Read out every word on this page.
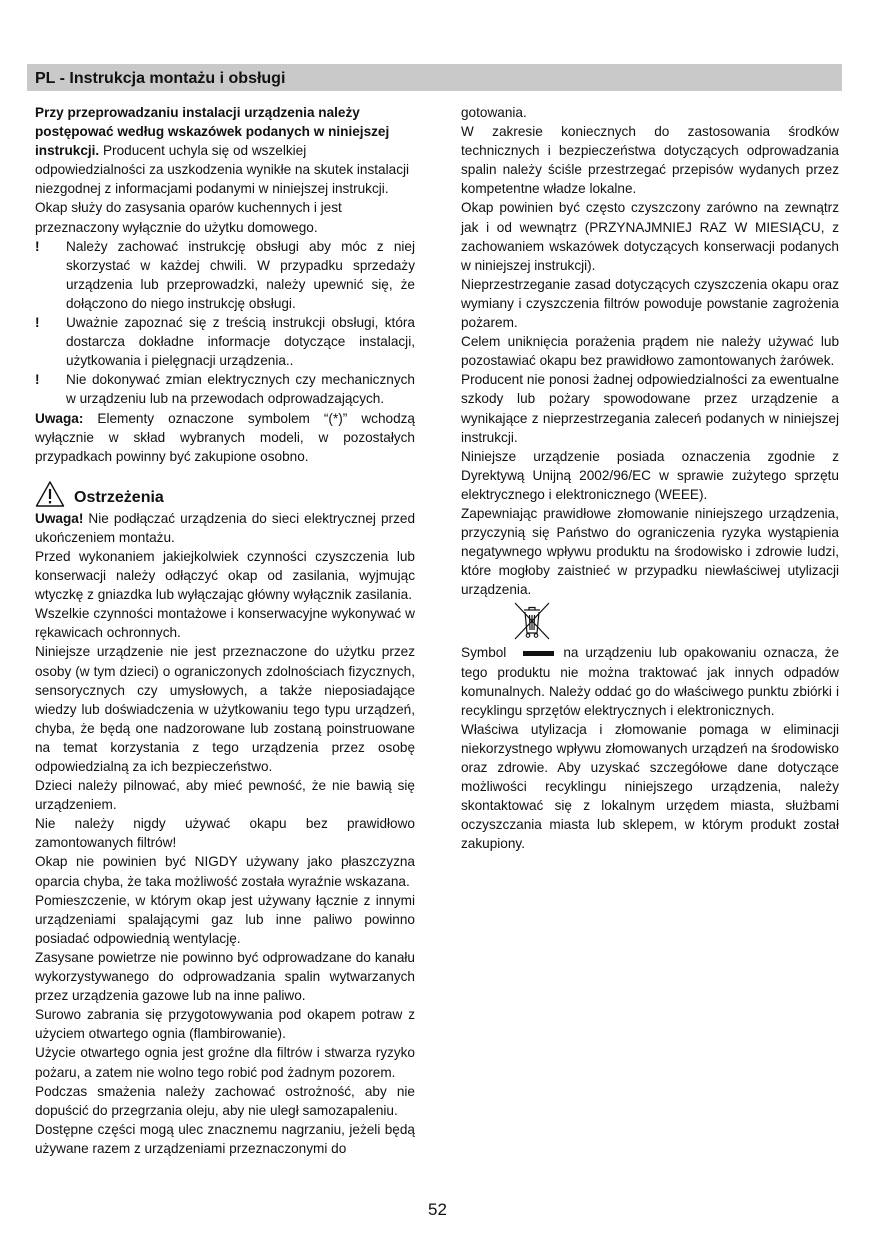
PL - Instrukcja montażu i obsługi

Przy przeprowadzaniu instalacji urządzenia należy postępować według wskazówek podanych w niniejszej instrukcji. Producent uchyla się od wszelkiej odpowiedzialności za uszkodzenia wynikłe na skutek instalacji niezgodnej z informacjami podanymi w niniejszej instrukcji.

Okap służy do zasysania oparów kuchennych i jest przeznaczony wyłącznie do użytku domowego.

! Należy zachować instrukcję obsługi aby móc z niej skorzystać w każdej chwili. W przypadku sprzedaży urządzenia lub przeprowadzki, należy upewnić się, że dołączono do niego instrukcję obsługi.
! Uważnie zapoznać się z treścią instrukcji obsługi, która dostarcza dokładne informacje dotyczące instalacji, użytkowania i pielęgnacji urządzenia..
! Nie dokonywać zmian elektrycznych czy mechanicznych w urządzeniu lub na przewodach odprowadzających.

Uwaga: Elementy oznaczone symbolem “(*)” wchodzą wyłącznie w skład wybranych modeli, w pozostałych przypadkach powinny być zakupione osobno.

Ostrzeżenia

Uwaga! Nie podłączać urządzenia do sieci elektrycznej przed ukończeniem montażu.

Przed wykonaniem jakiejkolwiek czynności czyszczenia lub konserwacji należy odłączyć okap od zasilania, wyjmując wtyczkę z gniazdka lub wyłączając główny wyłącznik zasilania.

Wszelkie czynności montażowe i konserwacyjne wykonywać w rękawicach ochronnych.

Niniejsze urządzenie nie jest przeznaczone do użytku przez osoby (w tym dzieci) o ograniczonych zdolnościach fizycznych, sensorycznych czy umysłowych, a także nieposiadające wiedzy lub doświadczenia w użytkowaniu tego typu urządzeń, chyba, że będą one nadzorowane lub zostaną poinstruowane na temat korzystania z tego urządzenia przez osobę odpowiedzialną za ich bezpieczeństwo.

Dzieci należy pilnować, aby mieć pewność, że nie bawią się urządzeniem.

Nie należy nigdy używać okapu bez prawidłowo zamontowanych filtrów!

Okap nie powinien być NIGDY używany jako płaszczyzna oparcia chyba, że taka możliwość została wyraźnie wskazana.

Pomieszczenie, w którym okap jest używany łącznie z innymi urządzeniami spalającymi gaz lub inne paliwo powinno posiadać odpowiednią wentylację.

Zasysane powietrze nie powinno być odprowadzane do kanału wykorzystywanego do odprowadzania spalin wytwarzanych przez urządzenia gazowe lub na inne paliwo.

Surowo zabrania się przygotowywania pod okapem potraw z użyciem otwartego ognia (flambirowanie).

Użycie otwartego ognia jest groźne dla filtrów i stwarza ryzyko pożaru, a zatem nie wolno tego robić pod żadnym pozorem.

Podczas smażenia należy zachować ostrożność, aby nie dopuścić do przegrzania oleju, aby nie uległ samozapaleniu.

Dostępne części mogą ulec znacznemu nagrzaniu, jeżeli będą używane razem z urządzeniami przeznaczonymi do

gotowania.

W zakresie koniecznych do zastosowania środków technicznych i bezpieczeństwa dotyczących odprowadzania spalin należy ściśle przestrzegać przepisów wydanych przez kompetentne władze lokalne.

Okap powinien być często czyszczony zarówno na zewnątrz jak i od wewnątrz (PRZYNAJMNIEJ RAZ W MIESIĄCU, z zachowaniem wskazówek dotyczących konserwacji podanych w niniejszej instrukcji).

Nieprzestrzeganie zasad dotyczących czyszczenia okapu oraz wymiany i czyszczenia filtrów powoduje powstanie zagrożenia pożarem.

Celem uniknięcia porażenia prądem nie należy używać lub pozostawiać okapu bez prawidłowo zamontowanych żarówek.

Producent nie ponosi żadnej odpowiedzialności za ewentualne szkody lub pożary spowodowane przez urządzenie a wynikające z nieprzestrzegania zaleceń podanych w niniejszej instrukcji.

Niniejsze urządzenie posiada oznaczenia zgodnie z Dyrektywą Unijną 2002/96/EC w sprawie zużytego sprzętu elektrycznego i elektronicznego (WEEE).

Zapewniając prawidłowe złomowanie niniejszego urządzenia, przyczynią się Państwo do ograniczenia ryzyka wystąpienia negatywnego wpływu produktu na środowisko i zdrowie ludzi, które mogłoby zaistnieć w przypadku niewłaściwej utylizacji urządzenia.

Symbol	na urządzeniu lub opakowaniu oznacza, że tego produktu nie można traktować jak innych odpadów komunalnych. Należy oddać go do właściwego punktu zbiórki i recyklingu sprzętów elektrycznych i elektronicznych.

Właściwa utylizacja i złomowanie pomaga w eliminacji niekorzystnego wpływu złomowanych urządzeń na środowisko oraz zdrowie. Aby uzyskać szczegółowe dane dotyczące możliwości recyklingu niniejszego urządzenia, należy skontaktować się z lokalnym urzędem miasta, służbami oczyszczania miasta lub sklepem, w którym produkt został zakupiony.

52
